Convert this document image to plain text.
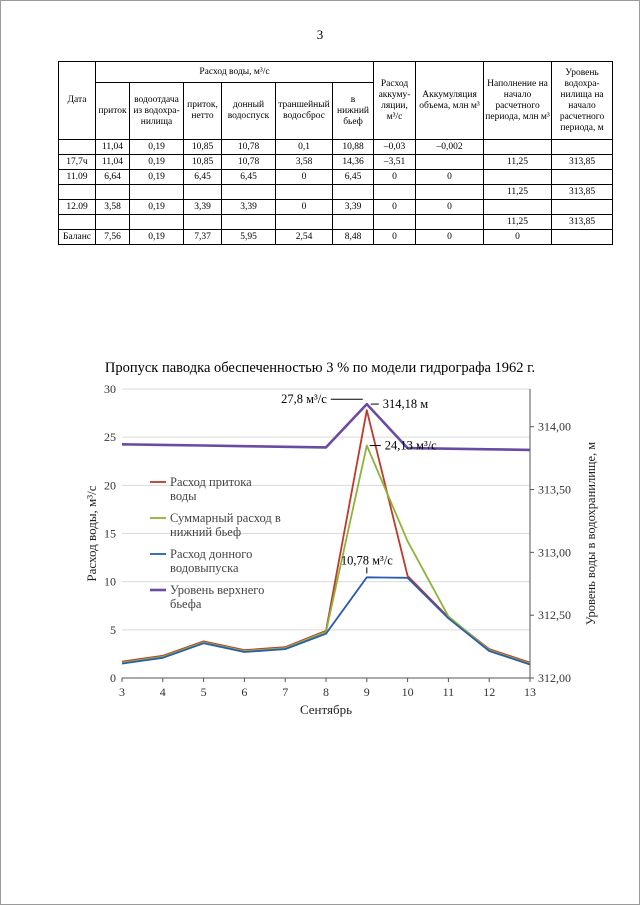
3
Дата	Расход воды, м³/с						Расход аккуму-ляции, м³/с	Аккумуляция объема, млн м³	Наполнение на начало расчетного периода, млн м³	Уровень водохра-нилища на начало расчетного периода, м
	приток	водоотдача из водохра-нилища	приток, нетто	донный водоспуск	траншейный водосброс	в нижний бьеф				
	11,04	0,19	10,85	10,78	0,1	10,88	–0,03	–0,002		
17,7ч	11,04	0,19	10,85	10,78	3,58	14,36	–3,51		11,25	313,85
11.09	6,64	0,19	6,45	6,45	0	6,45	0	0		
									11,25	313,85
12.09	3,58	0,19	3,39	3,39	0	3,39	0	0		
									11,25	313,85
Баланс	7,56	0,19	7,37	5,95	2,54	8,48	0	0	0	
Пропуск паводка обеспеченностью 3 % по модели гидрографа 1962 г.
0
5
10
15
20
25
30
312,00
312,50
313,00
313,50
314,00
3	4	5	6	7	8	9	10 11 12 13
Сентябрь
Расход воды, м³/с	Уровень воды в водохранилище, м
Расход притока
воды
Суммарный расход в
нижний бьеф
Расход донного
водовыпуска
Уровень верхнего
бьефа
27,8 м³/с	314,18 м
24,13 м³/с
10,78 м³/с
